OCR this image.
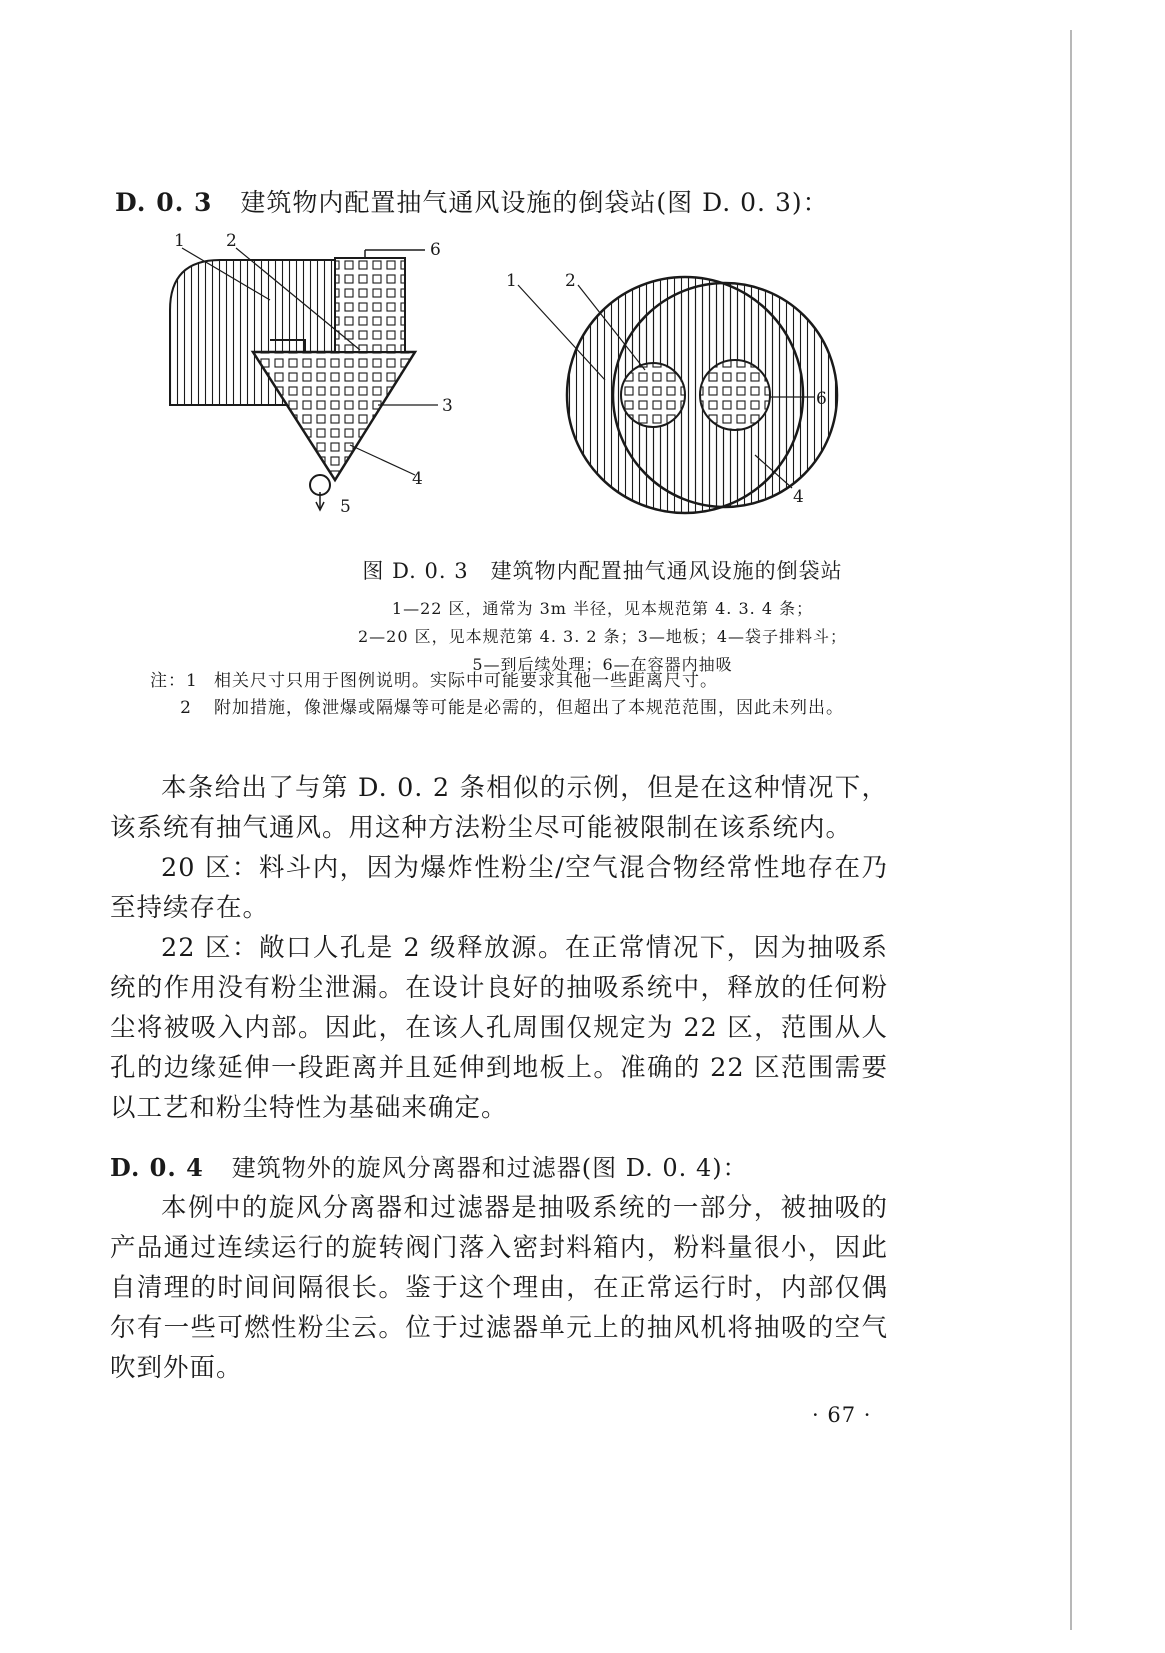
D. 0. 3 建筑物内配置抽气通风设施的倒袋站(图 D. 0. 3)：
1 2
3
4
5
6
1	2
6
4
图 D. 0. 3　建筑物内配置抽气通风设施的倒袋站
1—22 区，通常为 3m 半径，见本规范第 4. 3. 4 条；
2—20 区，见本规范第 4. 3. 2 条；3—地板；4—袋子排料斗；
5—到后续处理；6—在容器内抽吸
注：1 相关尺寸只用于图例说明。实际中可能要求其他一些距离尺寸。
2	附加措施，像泄爆或隔爆等可能是必需的，但超出了本规范范围，因此未列出。

本条给出了与第 D. 0. 2 条相似的示例，但是在这种情况下，该系统有抽气通风。用这种方法粉尘尽可能被限制在该系统内。

20 区：料斗内，因为爆炸性粉尘/空气混合物经常性地存在乃至持续存在。

22 区：敞口人孔是 2 级释放源。在正常情况下，因为抽吸系统的作用没有粉尘泄漏。在设计良好的抽吸系统中，释放的任何粉尘将被吸入内部。因此，在该人孔周围仅规定为 22 区，范围从人孔的边缘延伸一段距离并且延伸到地板上。准确的 22 区范围需要以工艺和粉尘特性为基础来确定。

D. 0. 4 建筑物外的旋风分离器和过滤器(图 D. 0. 4)：

本例中的旋风分离器和过滤器是抽吸系统的一部分，被抽吸的产品通过连续运行的旋转阀门落入密封料箱内，粉料量很小，因此自清理的时间间隔很长。鉴于这个理由，在正常运行时，内部仅偶尔有一些可燃性粉尘云。位于过滤器单元上的抽风机将抽吸的空气吹到外面。

· 67 ·
